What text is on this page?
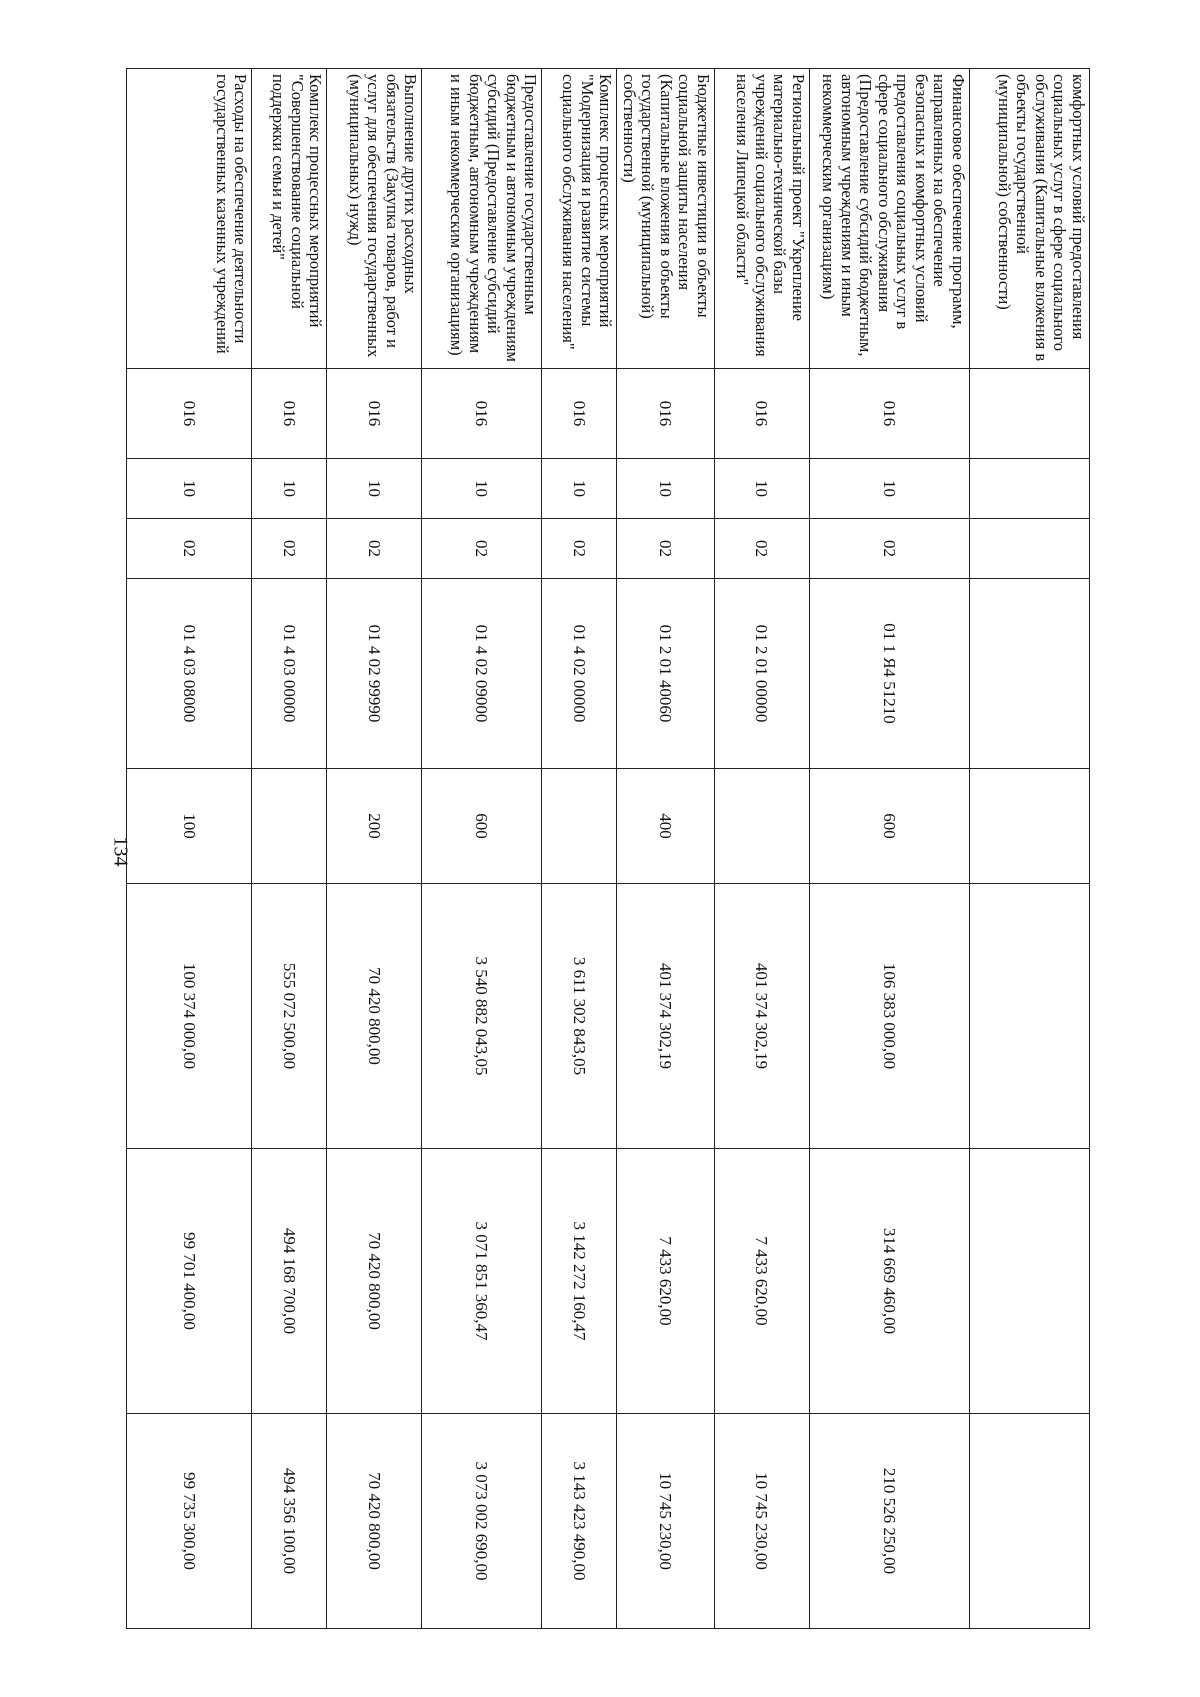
134
комфортных условий предоставления социальных услуг в сфере социального обслуживания (Капитальные вложения в объекты государственной (муниципальной) собственности)								
Финансовое обеспечение программ, направленных на обеспечение безопасных и комфортных условий предоставления социальных услуг в сфере социального обслуживания (Предоставление субсидий бюджетным, автономным учреждениям и иным некоммерческим организациям)	016	10	02	01 1 Я4 51210	600	106 383 000,00	314 669 460,00	210 526 250,00
Региональный проект "Укрепление материально-технической базы учреждений социального обслуживания населения Липецкой области"	016	10	02	01 2 01 00000		401 374 302,19	7 433 620,00	10 745 230,00
Бюджетные инвестиции в объекты социальной защиты населения (Капитальные вложения в объекты государственной (муниципальной) собственности)	016	10	02	01 2 01 40060	400	401 374 302,19	7 433 620,00	10 745 230,00
Комплекс процессных мероприятий "Модернизация и развитие системы социального обслуживания населения"	016	10	02	01 4 02 00000		3 611 302 843,05	3 142 272 160,47	3 143 423 490,00
Предоставление государственным бюджетным и автономным учреждениям субсидий (Предоставление субсидий бюджетным, автономным учреждениям и иным некоммерческим организациям)	016	10	02	01 4 02 09000	600	3 540 882 043,05	3 071 851 360,47	3 073 002 690,00
Выполнение других расходных обязательств (Закупка товаров, работ и услуг для обеспечения государственных (муниципальных) нужд)	016	10	02	01 4 02 99990	200	70 420 800,00	70 420 800,00	70 420 800,00
Комплекс процессных мероприятий "Совершенствование социальной поддержки семьи и детей"	016	10	02	01 4 03 00000		555 072 500,00	494 168 700,00	494 356 100,00
Расходы на обеспечение деятельности государственных казенных учреждений	016	10	02	01 4 03 08000	100	100 374 000,00	99 701 400,00	99 735 300,00
